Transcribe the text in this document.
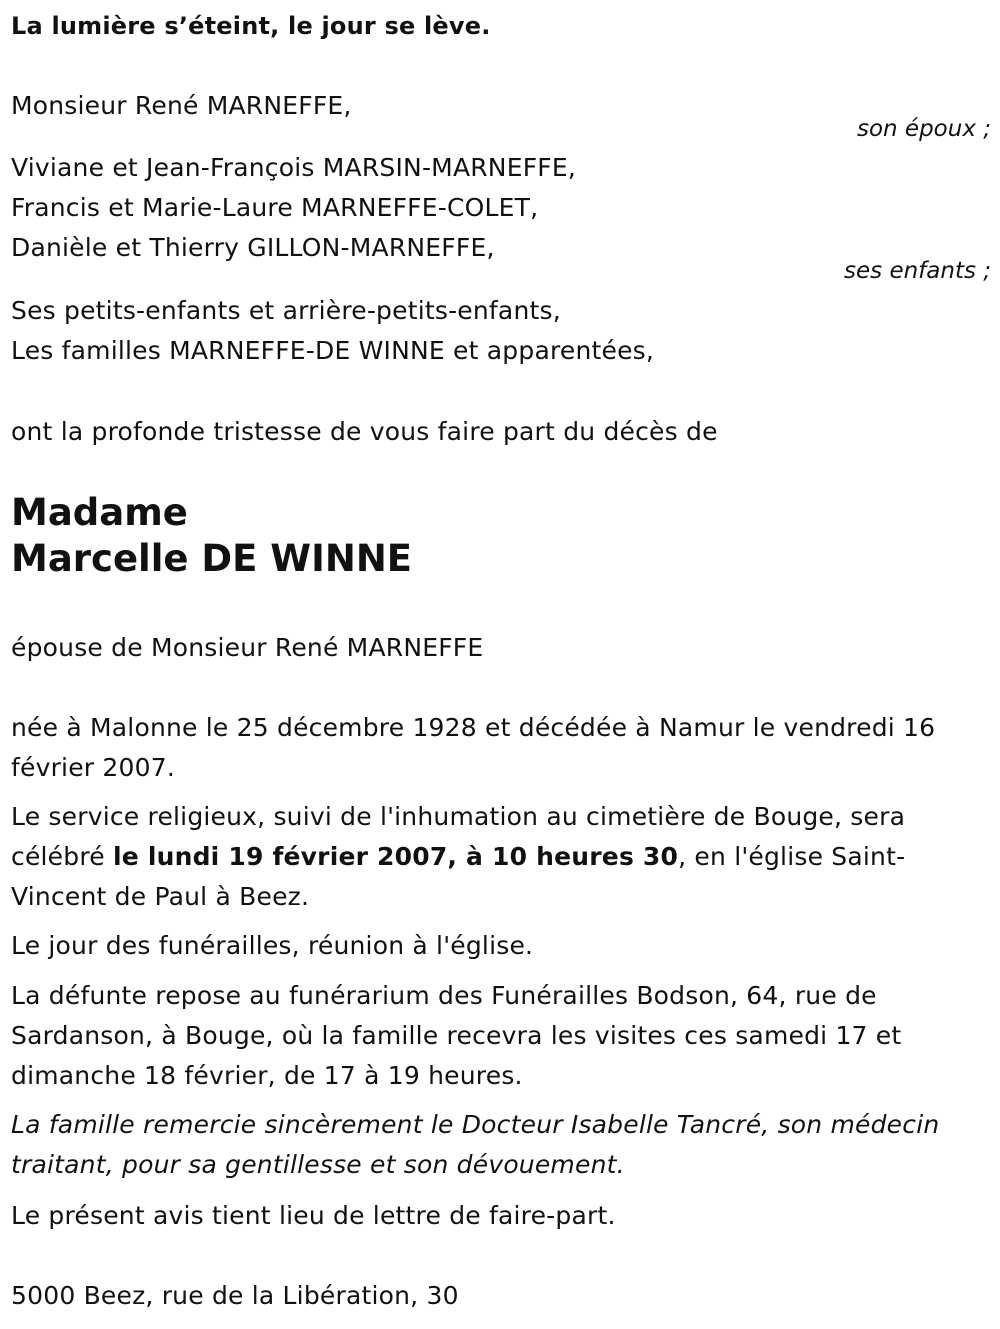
La lumière s’éteint, le jour se lève.
Monsieur René MARNEFFE,
son époux ;
Viviane et Jean-François MARSIN-MARNEFFE,
Francis et Marie-Laure MARNEFFE-COLET,
Danièle et Thierry GILLON-MARNEFFE,
ses enfants ;
Ses petits-enfants et arrière-petits-enfants,
Les familles MARNEFFE-DE WINNE et apparentées,
ont la profonde tristesse de vous faire part du décès de
Madame
Marcelle DE WINNE
épouse de Monsieur René MARNEFFE
née à Malonne le 25 décembre 1928 et décédée à Namur le vendredi 16 février 2007.
Le service religieux, suivi de l'inhumation au cimetière de Bouge, sera célébré le lundi 19 février 2007, à 10 heures 30, en l'église Saint-Vincent de Paul à Beez.
Le jour des funérailles, réunion à l'église.
La défunte repose au funérarium des Funérailles Bodson, 64, rue de Sardanson, à Bouge, où la famille recevra les visites ces samedi 17 et dimanche 18 février, de 17 à 19 heures.
La famille remercie sincèrement le Docteur Isabelle Tancré, son médecin traitant, pour sa gentillesse et son dévouement.
Le présent avis tient lieu de lettre de faire-part.
5000 Beez, rue de la Libération, 30
